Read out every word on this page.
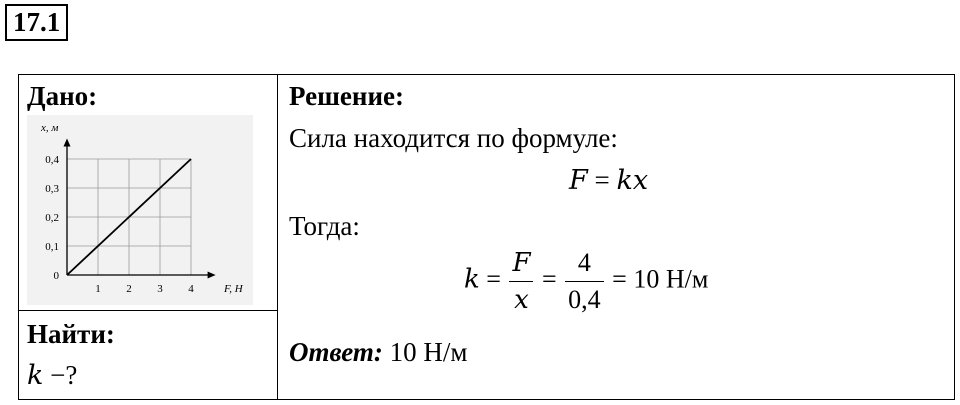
17.1
Дано:
1 2 3 4
0
0,1
0,2
0,3
0,4
x, м
F, Н
Найти:
k −?
Решение:
Сила находится по формуле:
F = kx
Тогда:
$k = \frac{F}{x} = \frac{4}{0,4} = 10$ Н/м
Ответ: 10 Н/м
